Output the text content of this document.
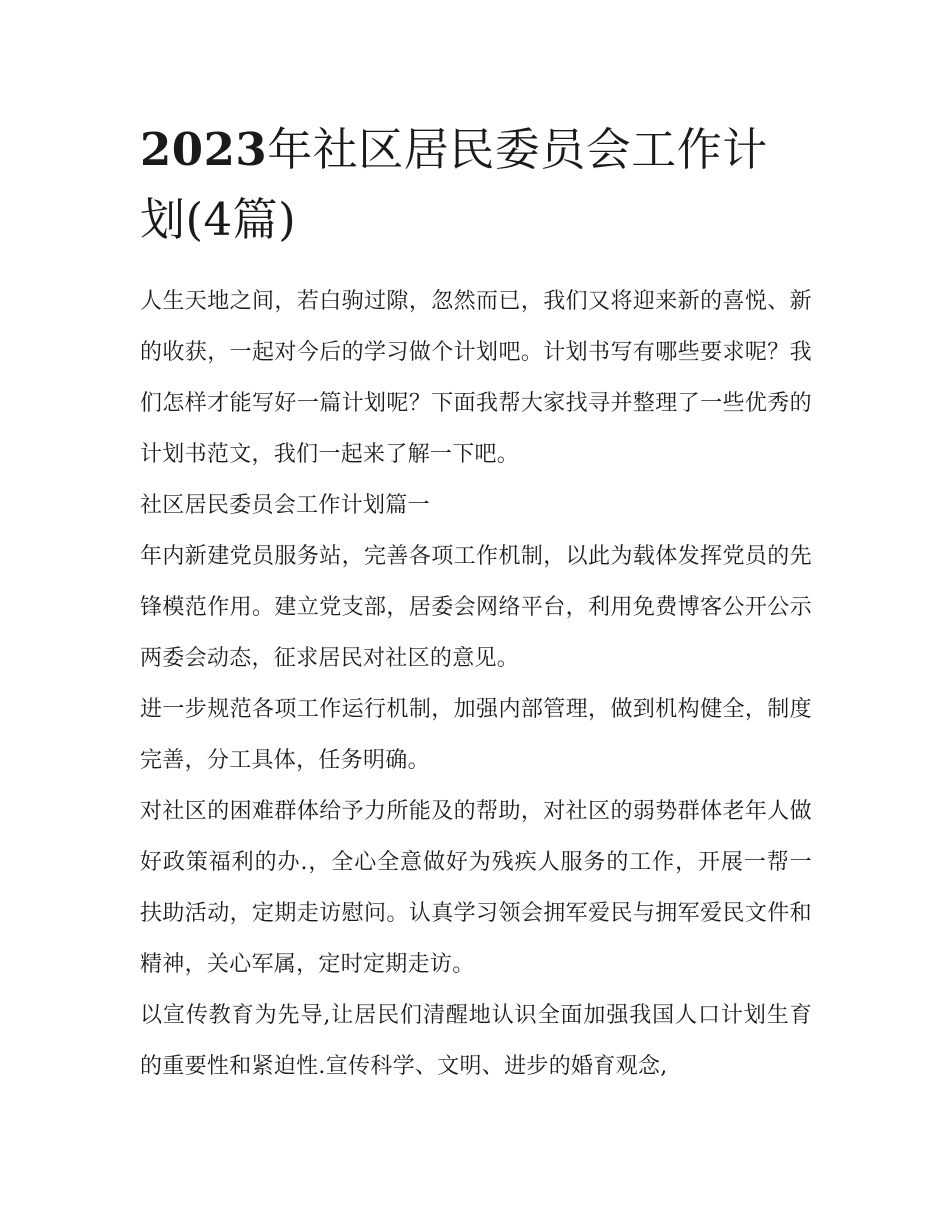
2023年社区居民委员会工作计划(4篇)

人生天地之间，若白驹过隙，忽然而已，我们又将迎来新的喜悦、新的收获，一起对今后的学习做个计划吧。计划书写有哪些要求呢？我们怎样才能写好一篇计划呢？下面我帮大家找寻并整理了一些优秀的计划书范文，我们一起来了解一下吧。

社区居民委员会工作计划篇一

年内新建党员服务站，完善各项工作机制，以此为载体发挥党员的先锋模范作用。建立党支部，居委会网络平台，利用免费博客公开公示两委会动态，征求居民对社区的意见。

进一步规范各项工作运行机制，加强内部管理，做到机构健全，制度完善，分工具体，任务明确。

对社区的困难群体给予力所能及的帮助，对社区的弱势群体老年人做好政策福利的办.，全心全意做好为残疾人服务的工作，开展一帮一扶助活动，定期走访慰问。认真学习领会拥军爱民与拥军爱民文件和精神，关心军属，定时定期走访。

以宣传教育为先导,让居民们清醒地认识全面加强我国人口计划生育的重要性和紧迫性.宣传科学、文明、进步的婚育观念,
